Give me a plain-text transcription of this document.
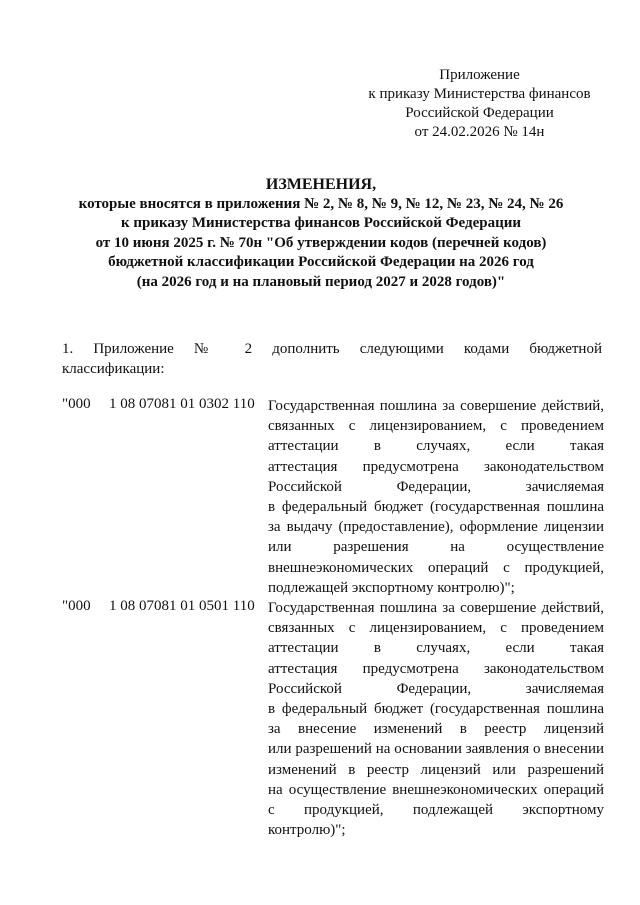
Приложение
к приказу Министерства финансов
Российской Федерации
от 24.02.2026 № 14н
ИЗМЕНЕНИЯ,
которые вносятся в приложения № 2, № 8, № 9, № 12, № 23, № 24, № 26
к приказу Министерства финансов Российской Федерации
от 10 июня 2025 г. № 70н "Об утверждении кодов (перечней кодов)
бюджетной классификации Российской Федерации на 2026 год
(на 2026 год и на плановый период 2027 и 2028 годов)"
1. Приложение № 2 дополнить следующими кодами бюджетной
классификации:
"000 1 08 07081 01 0302 110 Государственная пошлина за совершение действий,
связанных с лицензированием, с проведением
аттестации в случаях, если такая
аттестация предусмотрена законодательством
Российской Федерации, зачисляемая
в федеральный бюджет (государственная пошлина
за выдачу (предоставление), оформление лицензии
или разрешения на осуществление
внешнеэкономических операций с продукцией,
подлежащей экспортному контролю)";
"000 1 08 07081 01 0501 110 Государственная пошлина за совершение действий,
связанных с лицензированием, с проведением
аттестации в случаях, если такая
аттестация предусмотрена законодательством
Российской Федерации, зачисляемая
в федеральный бюджет (государственная пошлина
за внесение изменений в реестр лицензий
или разрешений на основании заявления о внесении
изменений в реестр лицензий или разрешений
на осуществление внешнеэкономических операций
с продукцией, подлежащей экспортному
контролю)";
